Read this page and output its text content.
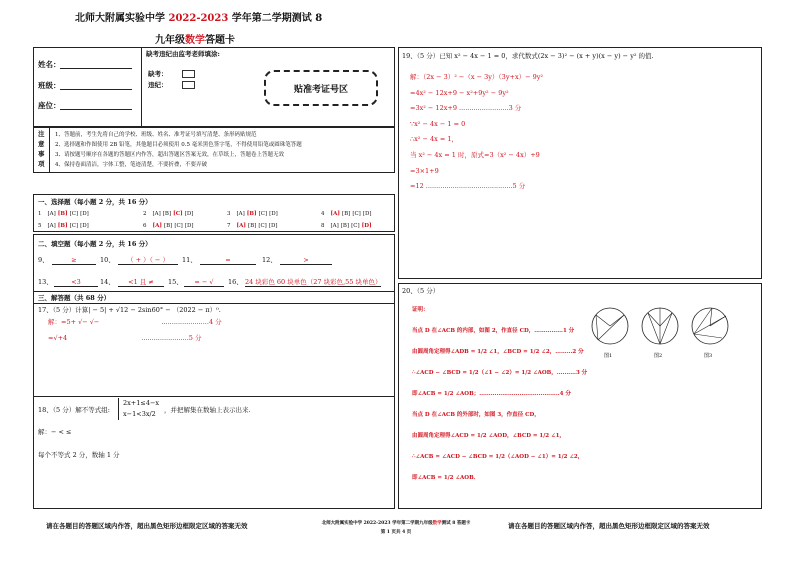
北师大附属实验中学 2022-2023 学年第二学期测试 8
九年级数学答题卡
姓名：
班级：
座位：
缺考违纪由监考老师填涂:
缺考：
违纪：	贴准考证号区
注
意
事
项
1、答题前，考生先将自己的学校、班级、姓名、准考证号填写清楚、条形码贴规范
2、选择题和作图使用 2B 铅笔，其他题目必须使用 0.5 毫米黑色签字笔，不得使用铅笔或圆珠笔答题
3、请按题号顺序在各题的答题区内作答，超出答题区答案无效，在草纸上，答题卷上答题无效
4、保持卷面清洁，字体工整，笔迹清楚，不要折叠，不要弄破
一、选择题（每小题 2 分，共 16 分）
1 [A] [B] [C] [D]	2 [A] [B] [C] [D]	3 [A] [B] [C] [D]	4 [A] [B] [C] [D]
5 [A] [B] [C] [D]	6 [A] [B] [C] [D]	7 [A] [B] [C] [D]	8 [A] [B] [C] [D]
二、填空题（每小题 2 分，共 16 分）
9、	≥	10、	（ + ）（ − ）	11、	=	12、	>
13、	<3	14、	<1 且 ≠	15、	= − √	16、 24 块彩色 60 块单色（27 块彩色,55 块单色）
三、解答题（共 68 分）
17、（5 分）计算| − 5| + √12 − 2sin60° − （2022 − π）⁰.
解：=5+ √− √−	.......................4 分
=√+4	.......................5 分
18、（5 分）解不等式组:
2x+1≤4−x
x−1<3x/2	，并把解集在数轴上表示出来.
解：− < ≤
每个不等式 2 分，数轴 1 分
19、（5 分）已知 x² − 4x − 1 = 0，求代数式(2x − 3)² − (x + y)(x − y) − y² 的值.
解：（2x − 3）² −（x − 3y）（3y+x）− 9y²
=4x² − 12x+9 − x²+9y² − 9y²
=3x² − 12x+9 ........................3 分
∵x² − 4x − 1 = 0
∴x² − 4x = 1，
当 x² − 4x = 1 时，原式=3（x² − 4x）+9
=3×1+9
=12 ..........................................5 分
20、（5 分）
证明：
当点 D 在∠ACB 的内部，如图 2，作直径 CD，...............1 分
由圆周角定理得∠ADB = 1/2 ∠1，∠BCD = 1/2 ∠2，.........2 分
∴∠ACD − ∠BCD = 1/2（∠1 − ∠2）= 1/2 ∠AOB，..........3 分
即∠ACB = 1/2 ∠AOB；..........................................4 分
当点 D 在∠ACB 的外部时，如图 3，作直径 CD，
由圆周角定理得∠ACD = 1/2 ∠AOD，∠BCD = 1/2 ∠1，
∴∠ACB = ∠ACD − ∠BCD = 1/2（∠AOD − ∠1）= 1/2 ∠2，
即∠ACB = 1/2 ∠AOB．
图1	图2	图3
请在各题目的答题区域内作答，超出黑色矩形边框限定区域的答案无效	北师大附属实验中学 2022-2023 学年第二学期九年级数学测试 8 答题卡
第 1 页共 4 页
请在各题目的答题区域内作答，超出黑色矩形边框限定区域的答案无效
